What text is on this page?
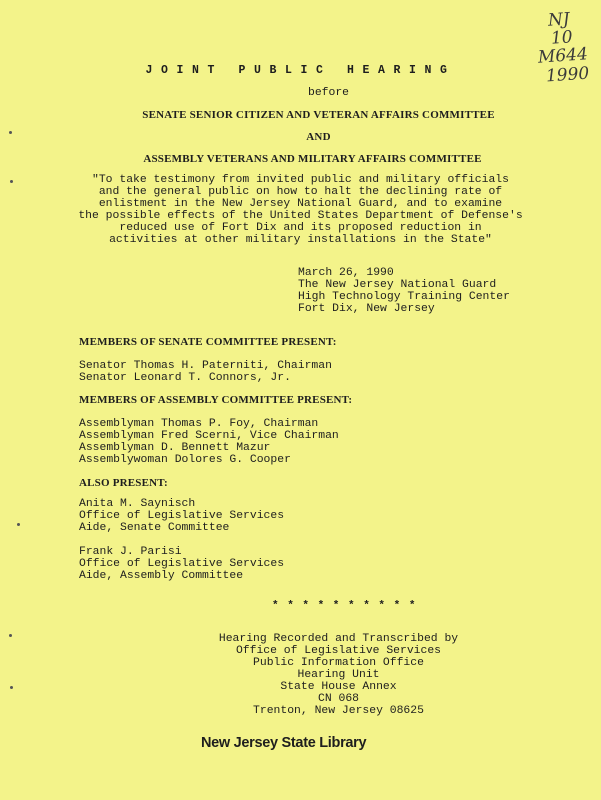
NJ
10
M644
1990
JOINT PUBLIC HEARING
before
SENATE SENIOR CITIZEN AND VETERAN AFFAIRS COMMITTEE
AND
ASSEMBLY VETERANS AND MILITARY AFFAIRS COMMITTEE
"To take testimony from invited public and military officials
and the general public on how to halt the declining rate of
enlistment in the New Jersey National Guard, and to examine
the possible effects of the United States Department of Defense's
reduced use of Fort Dix and its proposed reduction in
activities at other military installations in the State"
March 26, 1990
The New Jersey National Guard
High Technology Training Center
Fort Dix, New Jersey
MEMBERS OF SENATE COMMITTEE PRESENT:
Senator Thomas H. Paterniti, Chairman
Senator Leonard T. Connors, Jr.
MEMBERS OF ASSEMBLY COMMITTEE PRESENT:
Assemblyman Thomas P. Foy, Chairman
Assemblyman Fred Scerni, Vice Chairman
Assemblyman D. Bennett Mazur
Assemblywoman Dolores G. Cooper
ALSO PRESENT:
Anita M. Saynisch
Office of Legislative Services
Aide, Senate Committee
Frank J. Parisi
Office of Legislative Services
Aide, Assembly Committee
* * * * * * * * * *
Hearing Recorded and Transcribed by
Office of Legislative Services
Public Information Office
Hearing Unit
State House Annex
CN 068
Trenton, New Jersey 08625
New Jersey State Library
